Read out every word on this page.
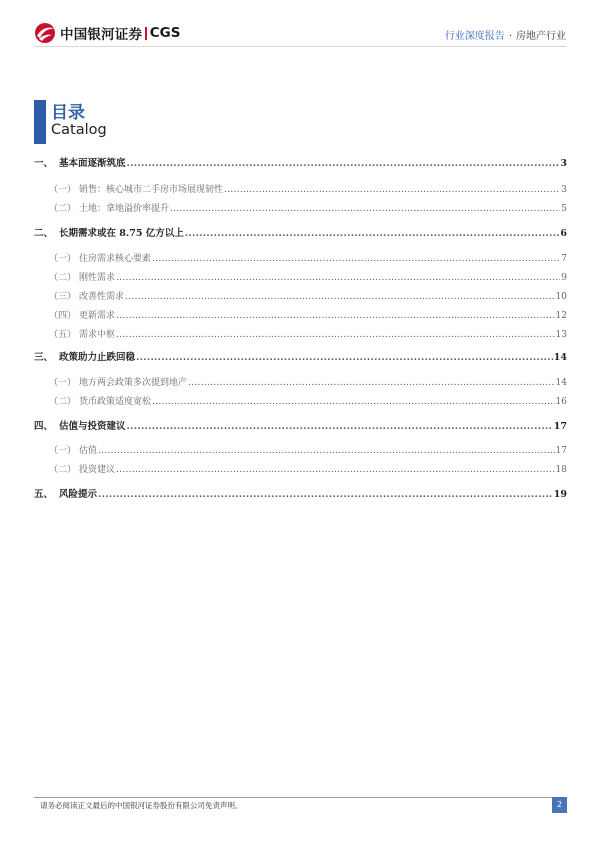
中国银河证券 CGS	行业深度报告 · 房地产行业
目录
Catalog
一、 基本面逐渐筑底 .....	3
（一） 销售：核心城市二手房市场展现韧性 .....	3
（二） 土地：拿地溢价率提升 .....	5
二、 长期需求或在 8.75 亿方以上 .....	6
（一） 住房需求核心要素 .....	7
（二） 刚性需求 .....	9
（三） 改善性需求 .....	10
（四） 更新需求 .....	12
（五） 需求中枢 .....	13
三、 政策助力止跌回稳 .....	14
（一） 地方两会政策多次提到地产 .....	14
（二） 货币政策适度宽松 .....	16
四、 估值与投资建议 .....	17
（一） 估值 .....	17
（二） 投资建议 .....	18
五、 风险提示 .....	19
请务必阅读正文最后的中国银河证券股份有限公司免责声明。	2
